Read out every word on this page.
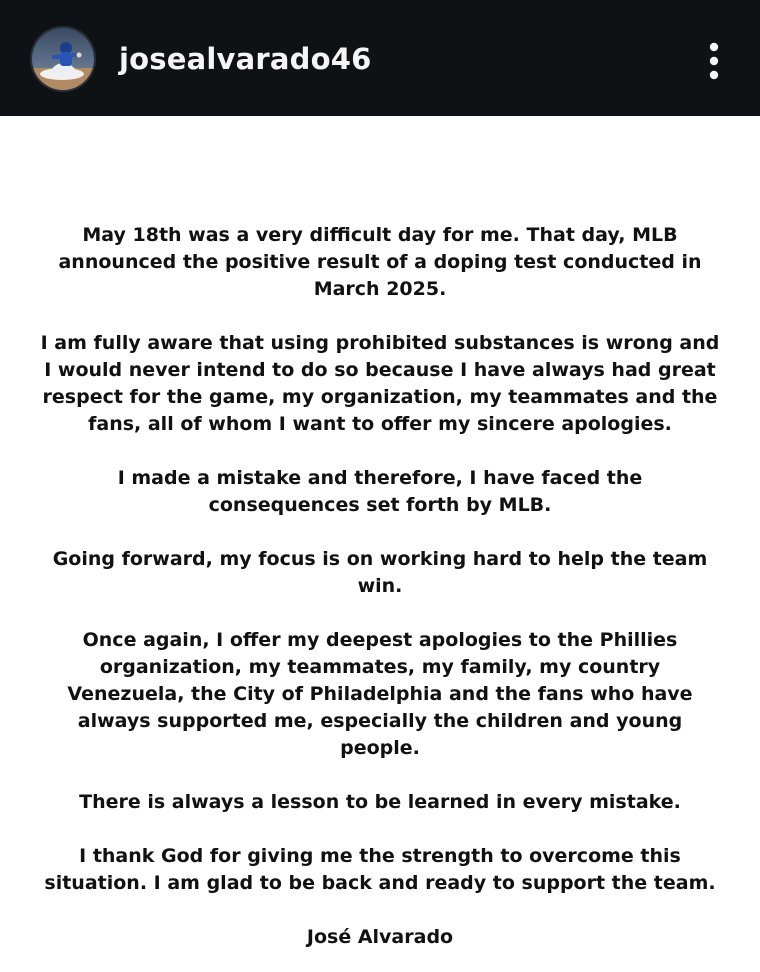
josealvarado46

May 18th was a very difficult day for me. That day, MLB announced the positive result of a doping test conducted in March 2025.

I am fully aware that using prohibited substances is wrong and I would never intend to do so because I have always had great respect for the game, my organization, my teammates and the fans, all of whom I want to offer my sincere apologies.

I made a mistake and therefore, I have faced the consequences set forth by MLB.

Going forward, my focus is on working hard to help the team win.

Once again, I offer my deepest apologies to the Phillies organization, my teammates, my family, my country Venezuela, the City of Philadelphia and the fans who have always supported me, especially the children and young people.

There is always a lesson to be learned in every mistake.

I thank God for giving me the strength to overcome this situation. I am glad to be back and ready to support the team.

José Alvarado
